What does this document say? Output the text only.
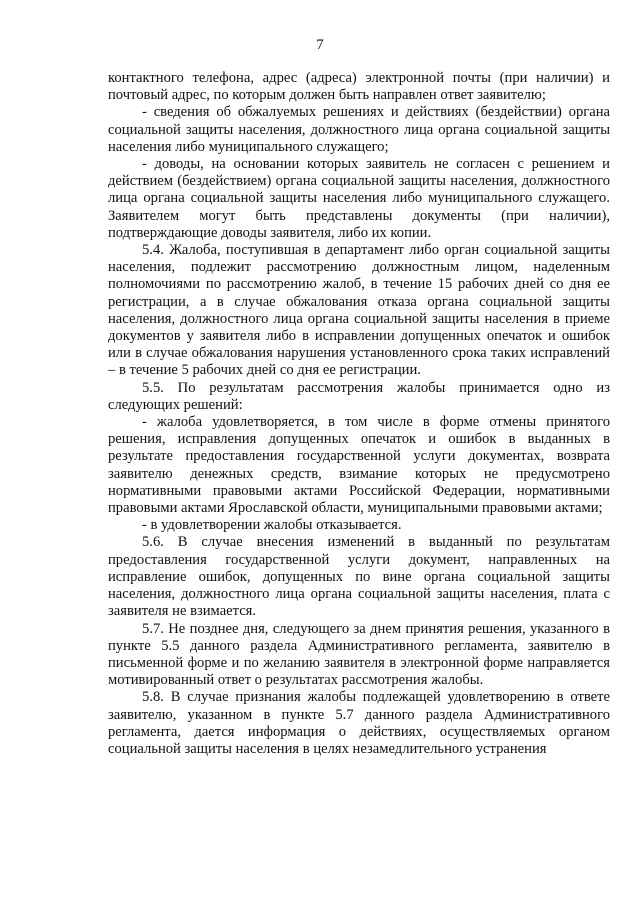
7

контактного телефона, адрес (адреса) электронной почты (при наличии) и почтовый адрес, по которым должен быть направлен ответ заявителю;

- сведения об обжалуемых решениях и действиях (бездействии) органа социальной защиты населения, должностного лица органа социальной защиты населения либо муниципального служащего;

- доводы, на основании которых заявитель не согласен с решением и действием (бездействием) органа социальной защиты населения, должностного лица органа социальной защиты населения либо муниципального служащего. Заявителем могут быть представлены документы (при наличии), подтверждающие доводы заявителя, либо их копии.

5.4. Жалоба, поступившая в департамент либо орган социальной защиты населения, подлежит рассмотрению должностным лицом, наделенным полномочиями по рассмотрению жалоб, в течение 15 рабочих дней со дня ее регистрации, а в случае обжалования отказа органа социальной защиты населения, должностного лица органа социальной защиты населения в приеме документов у заявителя либо в исправлении допущенных опечаток и ошибок или в случае обжалования нарушения установленного срока таких исправлений – в течение 5 рабочих дней со дня ее регистрации.

5.5. По результатам рассмотрения жалобы принимается одно из следующих решений:

- жалоба удовлетворяется, в том числе в форме отмены принятого решения, исправления допущенных опечаток и ошибок в выданных в результате предоставления государственной услуги документах, возврата заявителю денежных средств, взимание которых не предусмотрено нормативными правовыми актами Российской Федерации, нормативными правовыми актами Ярославской области, муниципальными правовыми актами;

- в удовлетворении жалобы отказывается.

5.6. В случае внесения изменений в выданный по результатам предоставления государственной услуги документ, направленных на исправление ошибок, допущенных по вине органа социальной защиты населения, должностного лица органа социальной защиты населения, плата с заявителя не взимается.

5.7. Не позднее дня, следующего за днем принятия решения, указанного в пункте 5.5 данного раздела Административного регламента, заявителю в письменной форме и по желанию заявителя в электронной форме направляется мотивированный ответ о результатах рассмотрения жалобы.

5.8. В случае признания жалобы подлежащей удовлетворению в ответе заявителю, указанном в пункте 5.7 данного раздела Административного регламента, дается информация о действиях, осуществляемых органом социальной защиты населения в целях незамедлительного устранения
